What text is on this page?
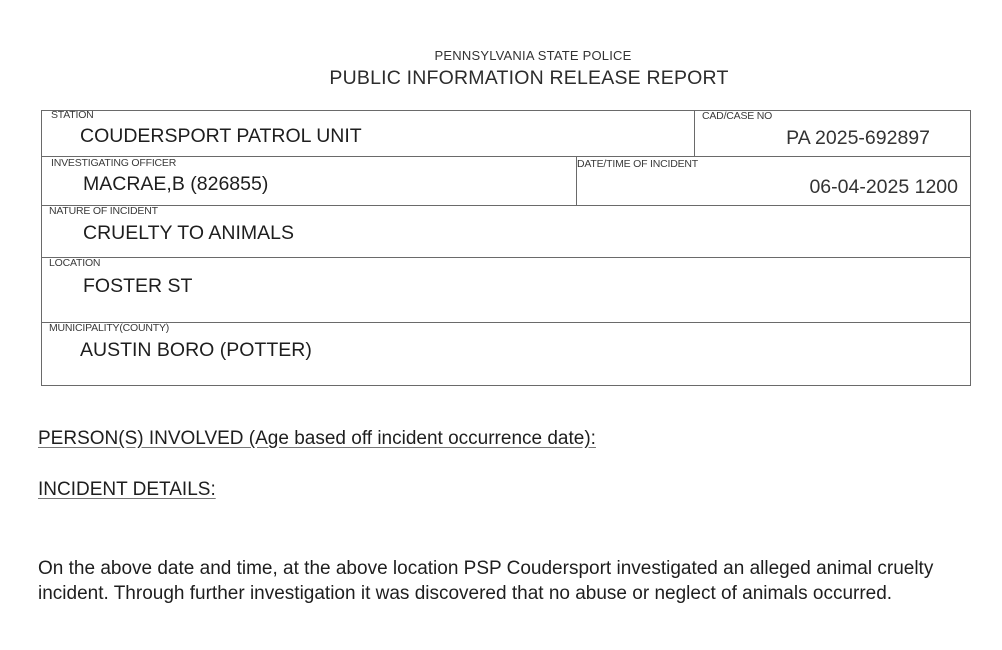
PENNSYLVANIA STATE POLICE
PUBLIC INFORMATION RELEASE REPORT
STATION
COUDERSPORT PATROL UNIT
CAD/CASE NO
PA 2025-692897
INVESTIGATING OFFICER
MACRAE,B (826855)
DATE/TIME OF INCIDENT
06-04-2025 1200
NATURE OF INCIDENT
CRUELTY TO ANIMALS
LOCATION
FOSTER ST
MUNICIPALITY(COUNTY)
AUSTIN BORO (POTTER)
PERSON(S) INVOLVED (Age based off incident occurrence date):
INCIDENT DETAILS:
On the above date and time, at the above location PSP Coudersport investigated an alleged animal cruelty incident. Through further investigation it was discovered that no abuse or neglect of animals occurred.
